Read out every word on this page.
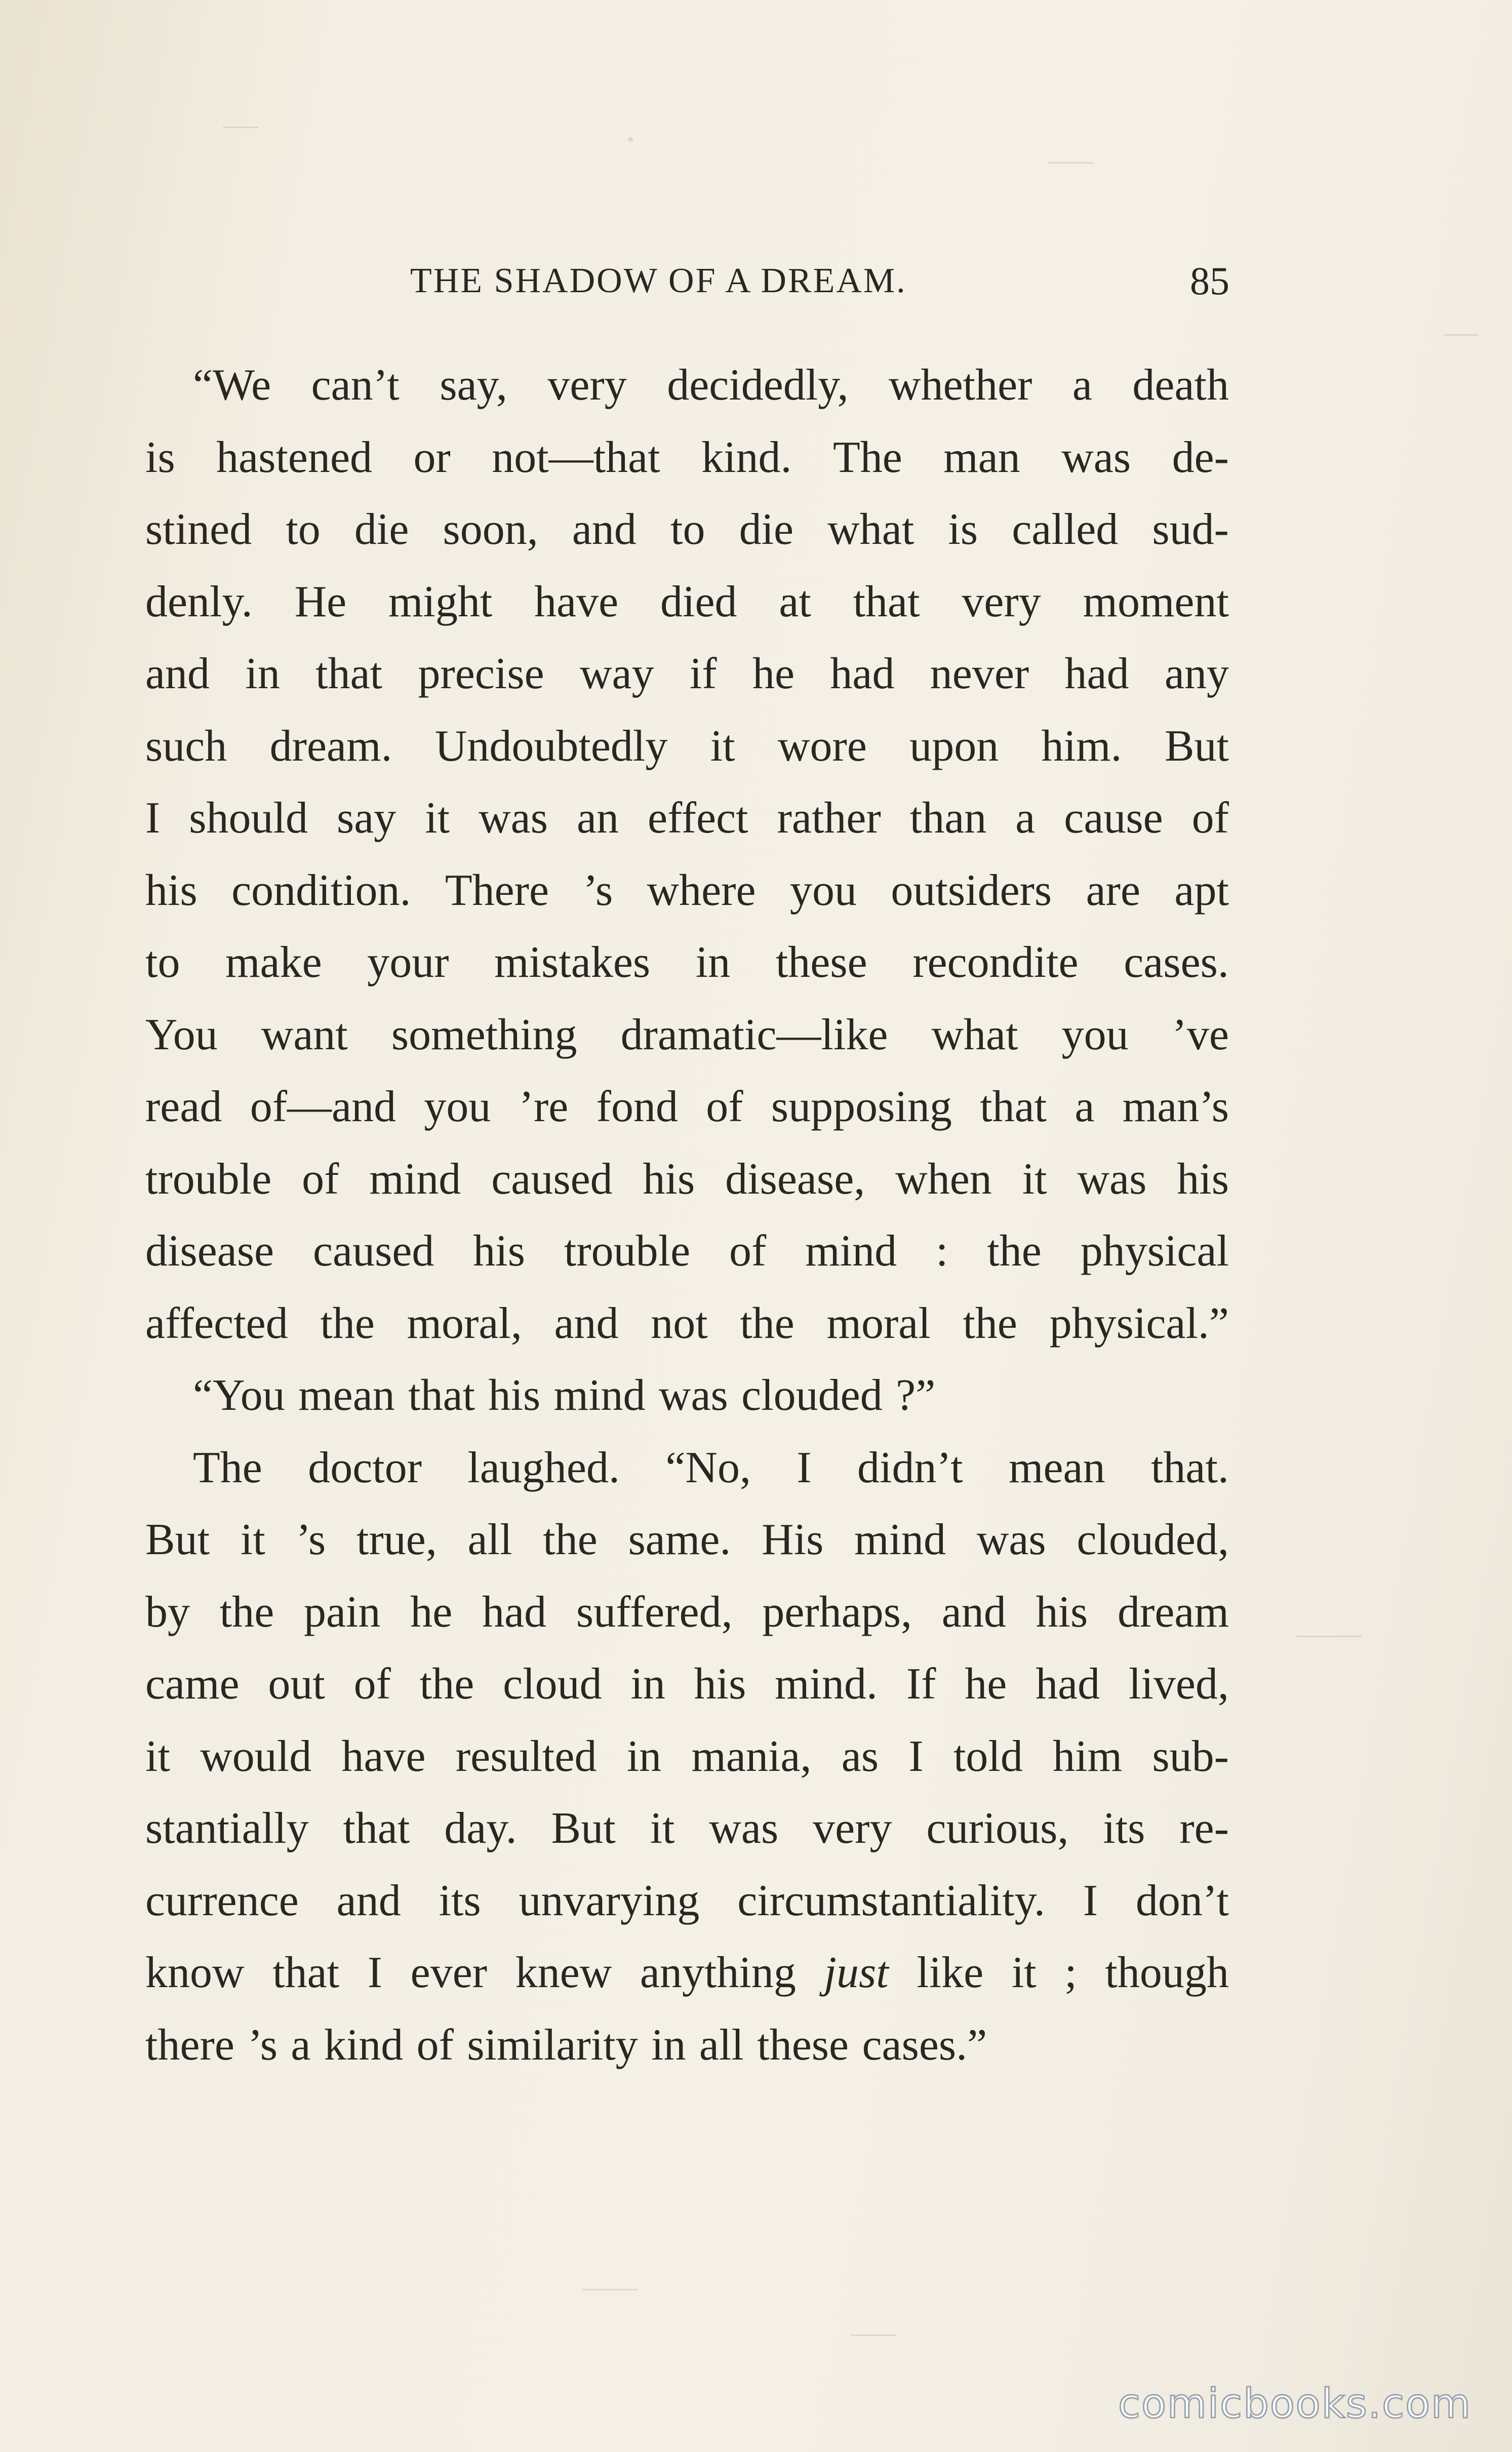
THE SHADOW OF A DREAM.	85
“We can’t say, very decidedly, whether a death
is hastened or not—that kind. The man was de-
stined to die soon, and to die what is called sud-
denly. He might have died at that very moment
and in that precise way if he had never had any
such dream. Undoubtedly it wore upon him. But
I should say it was an effect rather than a cause of
his condition. There ’s where you outsiders are apt
to make your mistakes in these recondite cases.
You want something dramatic—like what you ’ve
read of—and you ’re fond of supposing that a man’s
trouble of mind caused his disease, when it was his
disease caused his trouble of mind : the physical
affected the moral, and not the moral the physical.”
“You mean that his mind was clouded ?”
The doctor laughed. “No, I didn’t mean that.
But it ’s true, all the same. His mind was clouded,
by the pain he had suffered, perhaps, and his dream
came out of the cloud in his mind. If he had lived,
it would have resulted in mania, as I told him sub-
stantially that day. But it was very curious, its re-
currence and its unvarying circumstantiality. I don’t
know that I ever knew anything just like it ; though
there ’s a kind of similarity in all these cases.”
comicbooks.com
